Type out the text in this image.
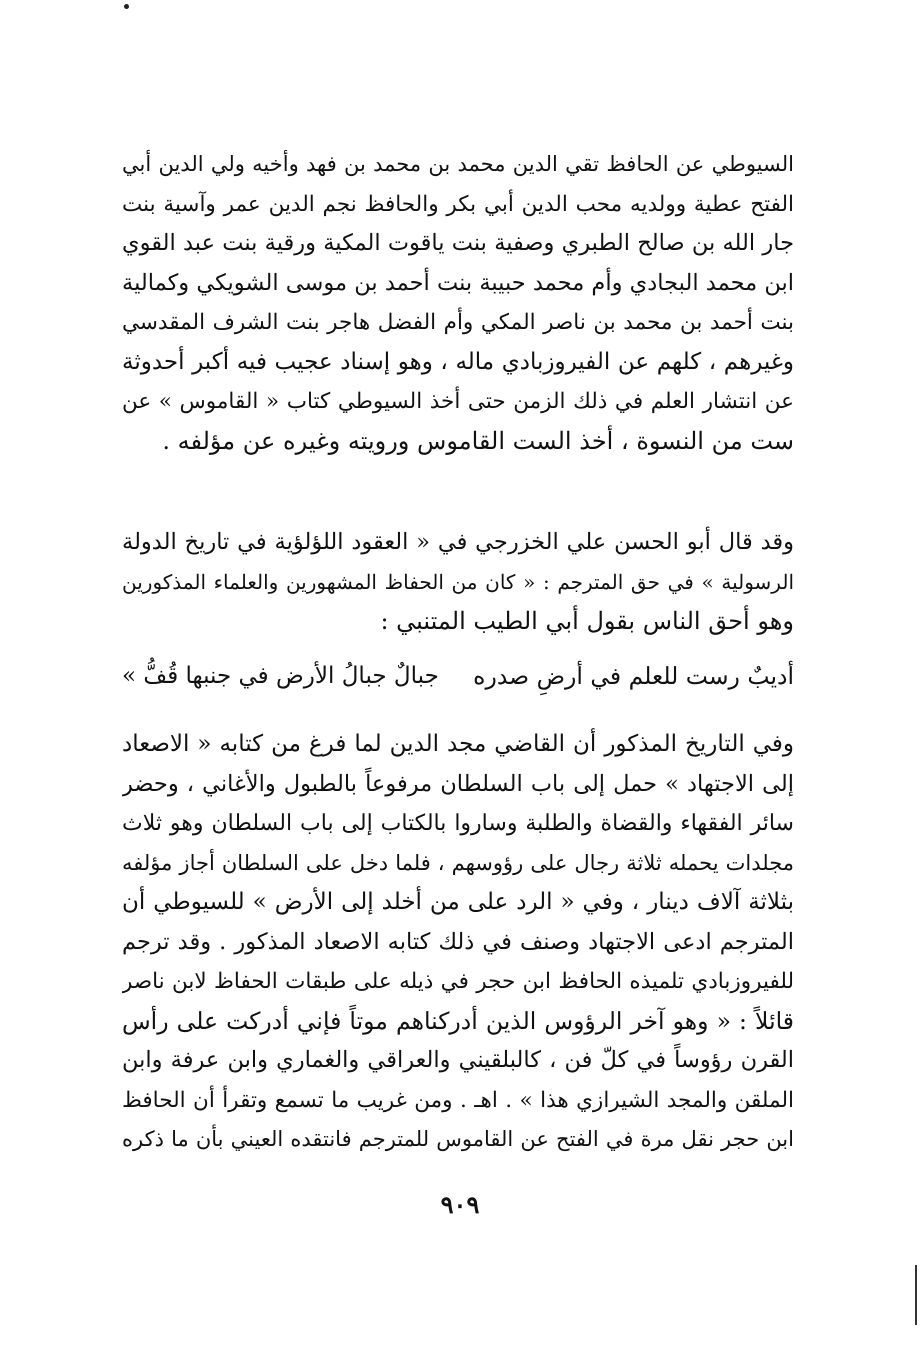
السيوطي عن الحافظ تقي الدين محمد بن محمد بن فهد وأخيه ولي الدين أبي
الفتح عطية وولديه محب الدين أبي بكر والحافظ نجم الدين عمر وآسية بنت
جار الله بن صالح الطبري وصفية بنت ياقوت المكية ورقية بنت عبد القوي
ابن محمد البجادي وأم محمد حبيبة بنت أحمد بن موسى الشويكي وكمالية
بنت أحمد بن محمد بن ناصر المكي وأم الفضل هاجر بنت الشرف المقدسي
وغيرهم ، كلهم عن الفيروزبادي ماله ، وهو إسناد عجيب فيه أكبر أحدوثة
عن انتشار العلم في ذلك الزمن حتى أخذ السيوطي كتاب « القاموس » عن
ست من النسوة ، أخذ الست القاموس ورويته وغيره عن مؤلفه .
وقد قال أبو الحسن علي الخزرجي في « العقود اللؤلؤية في تاريخ الدولة
الرسولية » في حق المترجم : « كان من الحفاظ المشهورين والعلماء المذكورين
وهو أحق الناس بقول أبي الطيب المتنبي :
أديبٌ رست للعلم في أرضِ صدره
جبالٌ جبالُ الأرض في جنبها قُفُّ »
وفي التاريخ المذكور أن القاضي مجد الدين لما فرغ من كتابه « الاصعاد
إلى الاجتهاد » حمل إلى باب السلطان مرفوعاً بالطبول والأغاني ، وحضر
سائر الفقهاء والقضاة والطلبة وساروا بالكتاب إلى باب السلطان وهو ثلاث
مجلدات يحمله ثلاثة رجال على رؤوسهم ، فلما دخل على السلطان أجاز مؤلفه
بثلاثة آلاف دينار ، وفي « الرد على من أخلد إلى الأرض » للسيوطي أن
المترجم ادعى الاجتهاد وصنف في ذلك كتابه الاصعاد المذكور . وقد ترجم
للفيروزبادي تلميذه الحافظ ابن حجر في ذيله على طبقات الحفاظ لابن ناصر
قائلاً : « وهو آخر الرؤوس الذين أدركناهم موتاً فإني أدركت على رأس
القرن رؤوساً في كلّ فن ، كالبلقيني والعراقي والغماري وابن عرفة وابن
الملقن والمجد الشيرازي هذا » . اهـ . ومن غريب ما تسمع وتقرأ أن الحافظ
ابن حجر نقل مرة في الفتح عن القاموس للمترجم فانتقده العيني بأن ما ذكره
٩٠٩
